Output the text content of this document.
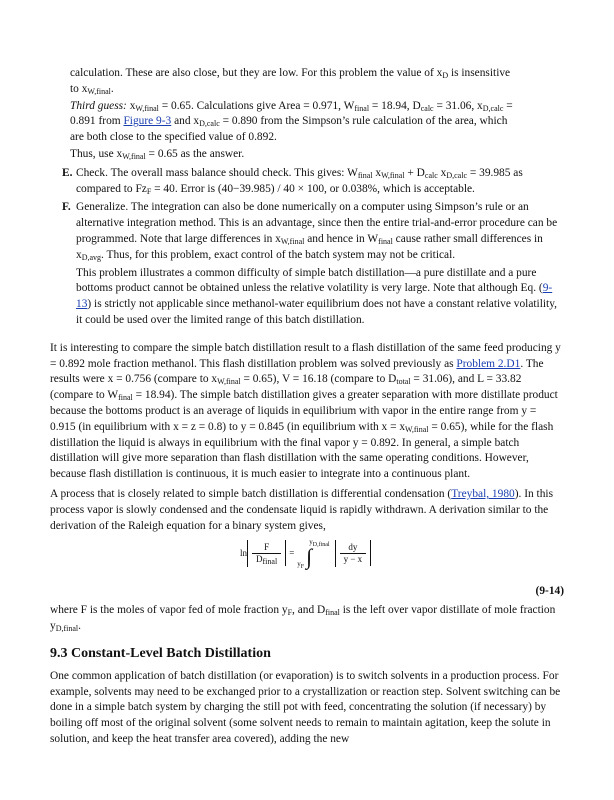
calculation. These are also close, but they are low. For this problem the value of $x_D$ is insensitive
to $x_{W,final}$.

Third guess: $x_{W,final} = 0.65$. Calculations give Area = 0.971, $W_{final} = 18.94$, $D_{calc} = 31.06$, $x_{D,calc}$ =
0.891 from Figure 9-3 and $x_{D,calc} = 0.890$ from the Simpson’s rule calculation of the area, which
are both close to the specified value of 0.892.

Thus, use $x_{W,final} = 0.65$ as the answer.

E. Check. The overall mass balance should check. This gives: $W_{final}$ $x_{W,final} + D_{calc}$ $x_{D,calc} = 39.985$ as
compared to $Fz_F = 40$. Error is (40−39.985) / 40 × 100, or 0.038%, which is acceptable.

F. Generalize. The integration can also be done numerically on a computer using Simpson’s rule or an alternative integration method. This is an advantage, since then the entire trial-and-error procedure can be programmed. Note that large differences in $x_{W,final}$ and hence in $W_{final}$ cause rather small differences in $x_{D,avg}$. Thus, for this problem, exact control of the batch system may not be critical.

This problem illustrates a common difficulty of simple batch distillation—a pure distillate and a pure bottoms product cannot be obtained unless the relative volatility is very large. Note that although Eq. (9-13) is strictly not applicable since methanol-water equilibrium does not have a constant relative volatility, it could be used over the limited range of this batch distillation.

It is interesting to compare the simple batch distillation result to a flash distillation of the same feed producing y = 0.892 mole fraction methanol. This flash distillation problem was solved previously as Problem 2.D1. The results were x = 0.756 (compare to $x_{W,final} = 0.65$), V = 16.18 (compare to $D_{total} = 31.06$), and L = 33.82 (compare to $W_{final} = 18.94$). The simple batch distillation gives a greater separation with more distillate product because the bottoms product is an average of liquids in equilibrium with vapor in the entire range from y = 0.915 (in equilibrium with x = z = 0.8) to y = 0.845 (in equilibrium with $x = x_{W,final} = 0.65$), while for the flash distillation the liquid is always in equilibrium with the final vapor y = 0.892. In general, a simple batch distillation will give more separation than flash distillation with the same operating conditions. However, because flash distillation is continuous, it is much easier to integrate into a continuous plant.

A process that is closely related to simple batch distillation is differential condensation (Treybal, 1980). In this process vapor is slowly condensed and the condensate liquid is rapidly withdrawn. A derivation similar to the derivation of the Raleigh equation for a binary system gives,

$\ln \frac{F}{D_{final}}$ =
$y_{D,final}$
$y_F$ ∫	$\frac{dy}{y - x}$
(9-14)

where F is the moles of vapor fed of mole fraction $y_F$, and $D_{final}$ is the left over vapor distillate of mole fraction $y_{D,final}$.

9.3 Constant-Level Batch Distillation

One common application of batch distillation (or evaporation) is to switch solvents in a production process. For example, solvents may need to be exchanged prior to a crystallization or reaction step. Solvent switching can be done in a simple batch system by charging the still pot with feed, concentrating the solution (if necessary) by boiling off most of the original solvent (some solvent needs to remain to maintain agitation, keep the solute in solution, and keep the heat transfer area covered), adding the new
